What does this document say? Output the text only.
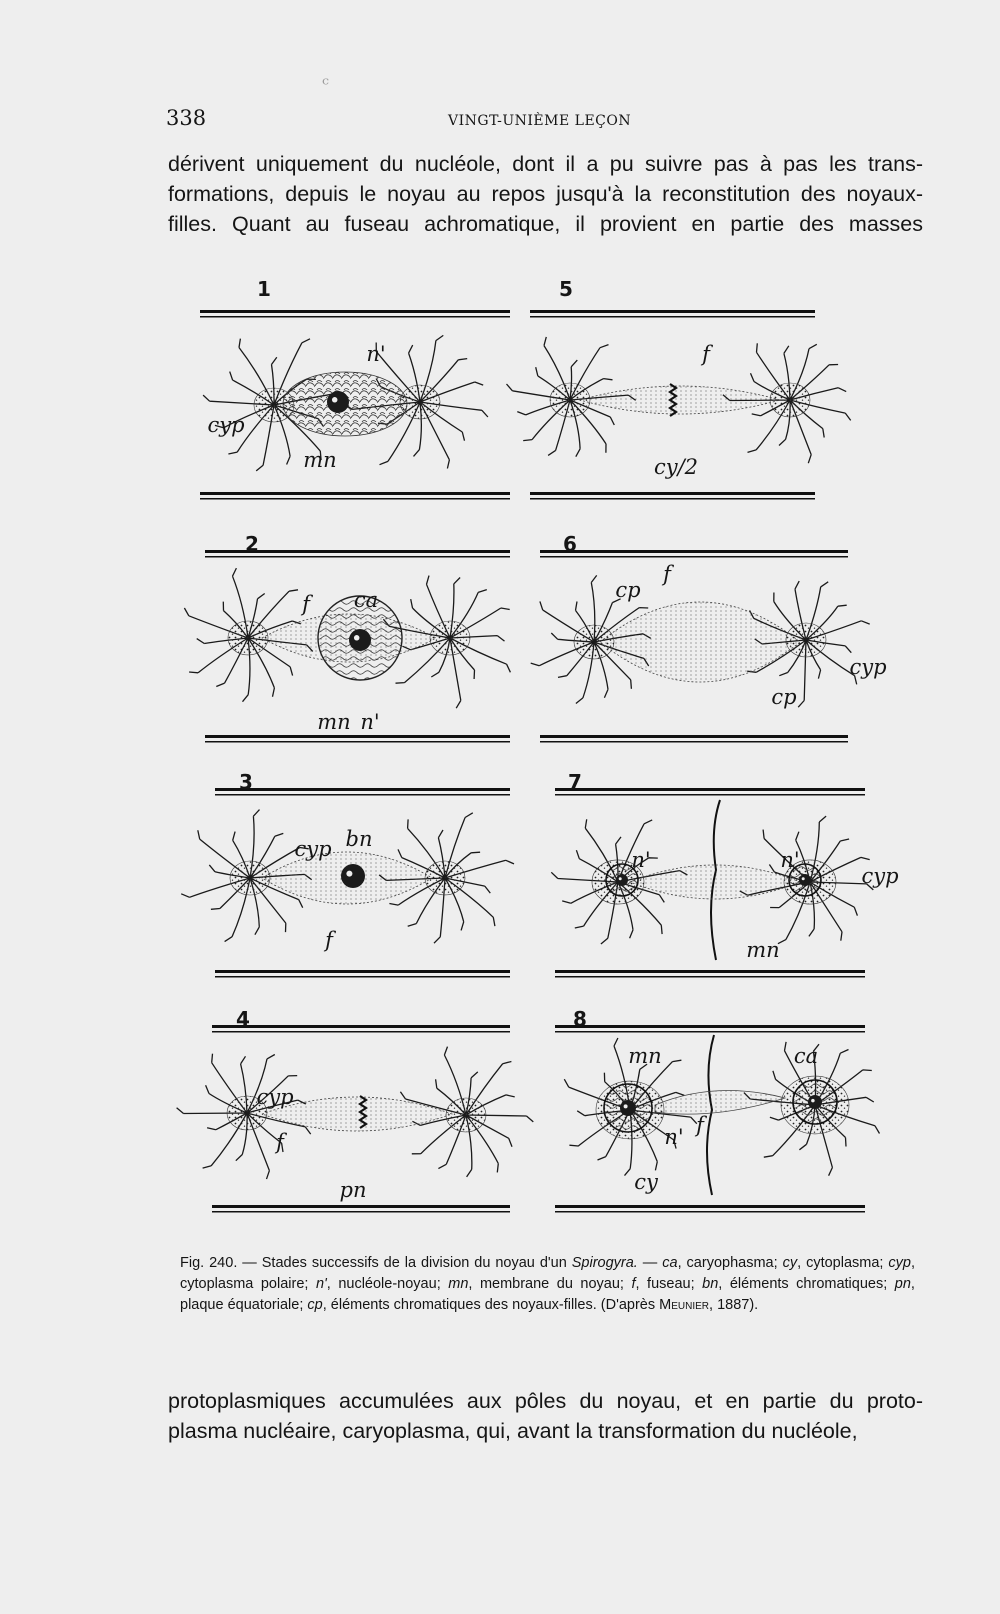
ᶜ
338	VINGT-UNIÈME LEÇON
dérivent uniquement du nucléole, dont il a pu suivre pas à pas les trans-
formations, depuis le noyau au repos jusqu'à la reconstitution des noyaux-
filles. Quant au fuseau achromatique, il provient en partie des masses
1
n'
cyp
mn
2
f ca
mn n'
3
cyp bn
f
4
cyp
f
pn
5
f
cy/2
6
cp
f
cyp
cp
7
n'	n'
cyp
mn
8
mn	ca
n' f
cy
Fig. 240. — Stades successifs de la division du noyau d'un Spirogyra. — ca, caryophasma; cy, cytoplasma; cyp, cytoplasma polaire; n', nucléole-noyau; mn, membrane du noyau; f, fuseau; bn, éléments chromatiques; pn, plaque équatoriale; cp, éléments chromatiques des noyaux-filles. (D'après Meunier, 1887).
protoplasmiques accumulées aux pôles du noyau, et en partie du proto-
plasma nucléaire, caryoplasma, qui, avant la transformation du nucléole,
